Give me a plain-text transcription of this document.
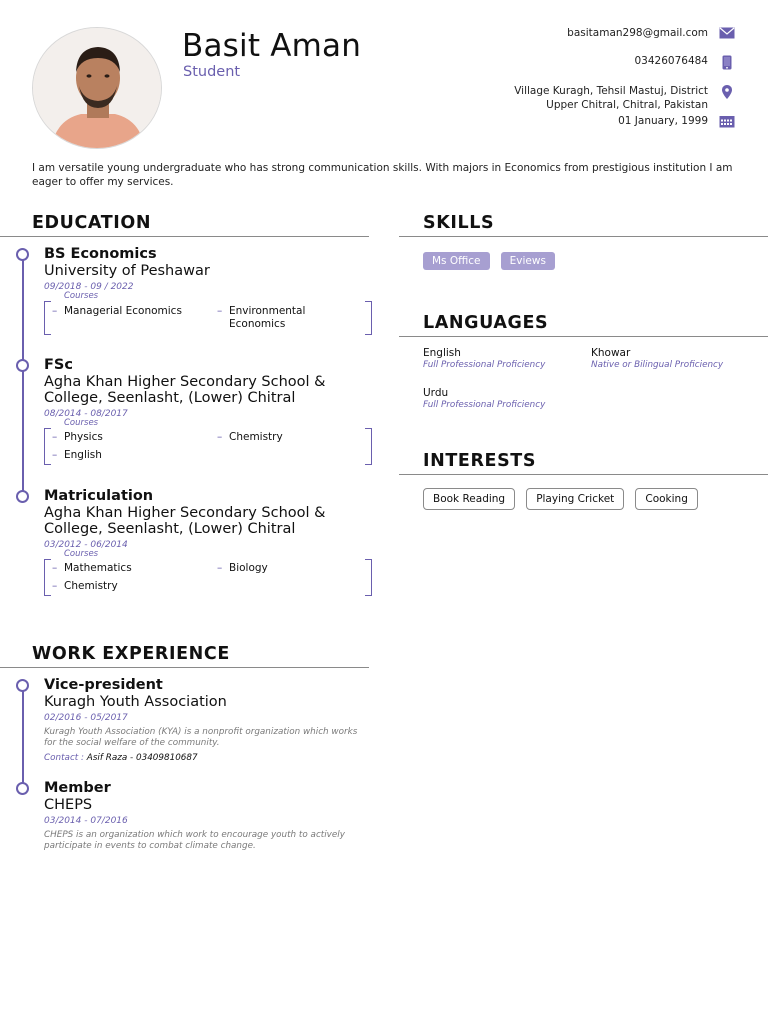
Basit Aman
Student
basitaman298@gmail.com
03426076484
Village Kuragh, Tehsil Mastuj, District
Upper Chitral, Chitral, Pakistan
01 January, 1999
I am versatile young undergraduate who has strong communication skills. With majors in Economics from prestigious institution I am eager to offer my services.
EDUCATION
BS Economics
University of Peshawar
09/2018 - 09 / 2022
Courses
– Managerial Economics	– Environmental Economics
FSc
Agha Khan Higher Secondary School &
College, Seenlasht, (Lower) Chitral
08/2014 - 08/2017
Courses
– Physics	– Chemistry
– English
Matriculation
Agha Khan Higher Secondary School &
College, Seenlasht, (Lower) Chitral
03/2012 - 06/2014
Courses
– Mathematics	– Biology
– Chemistry
WORK EXPERIENCE
Vice-president
Kuragh Youth Association
02/2016 - 05/2017
Kuragh Youth Association (KYA) is a nonprofit organization which works for the social welfare of the community.
Contact : Asif Raza - 03409810687
Member
CHEPS
03/2014 - 07/2016
CHEPS is an organization which work to encourage youth to actively participate in events to combat climate change.
SKILLS
Ms Office	Eviews
LANGUAGES
English
Full Professional Proficiency
Khowar
Native or Bilingual Proficiency
Urdu
Full Professional Proficiency
INTERESTS
Book Reading	Playing Cricket	Cooking
